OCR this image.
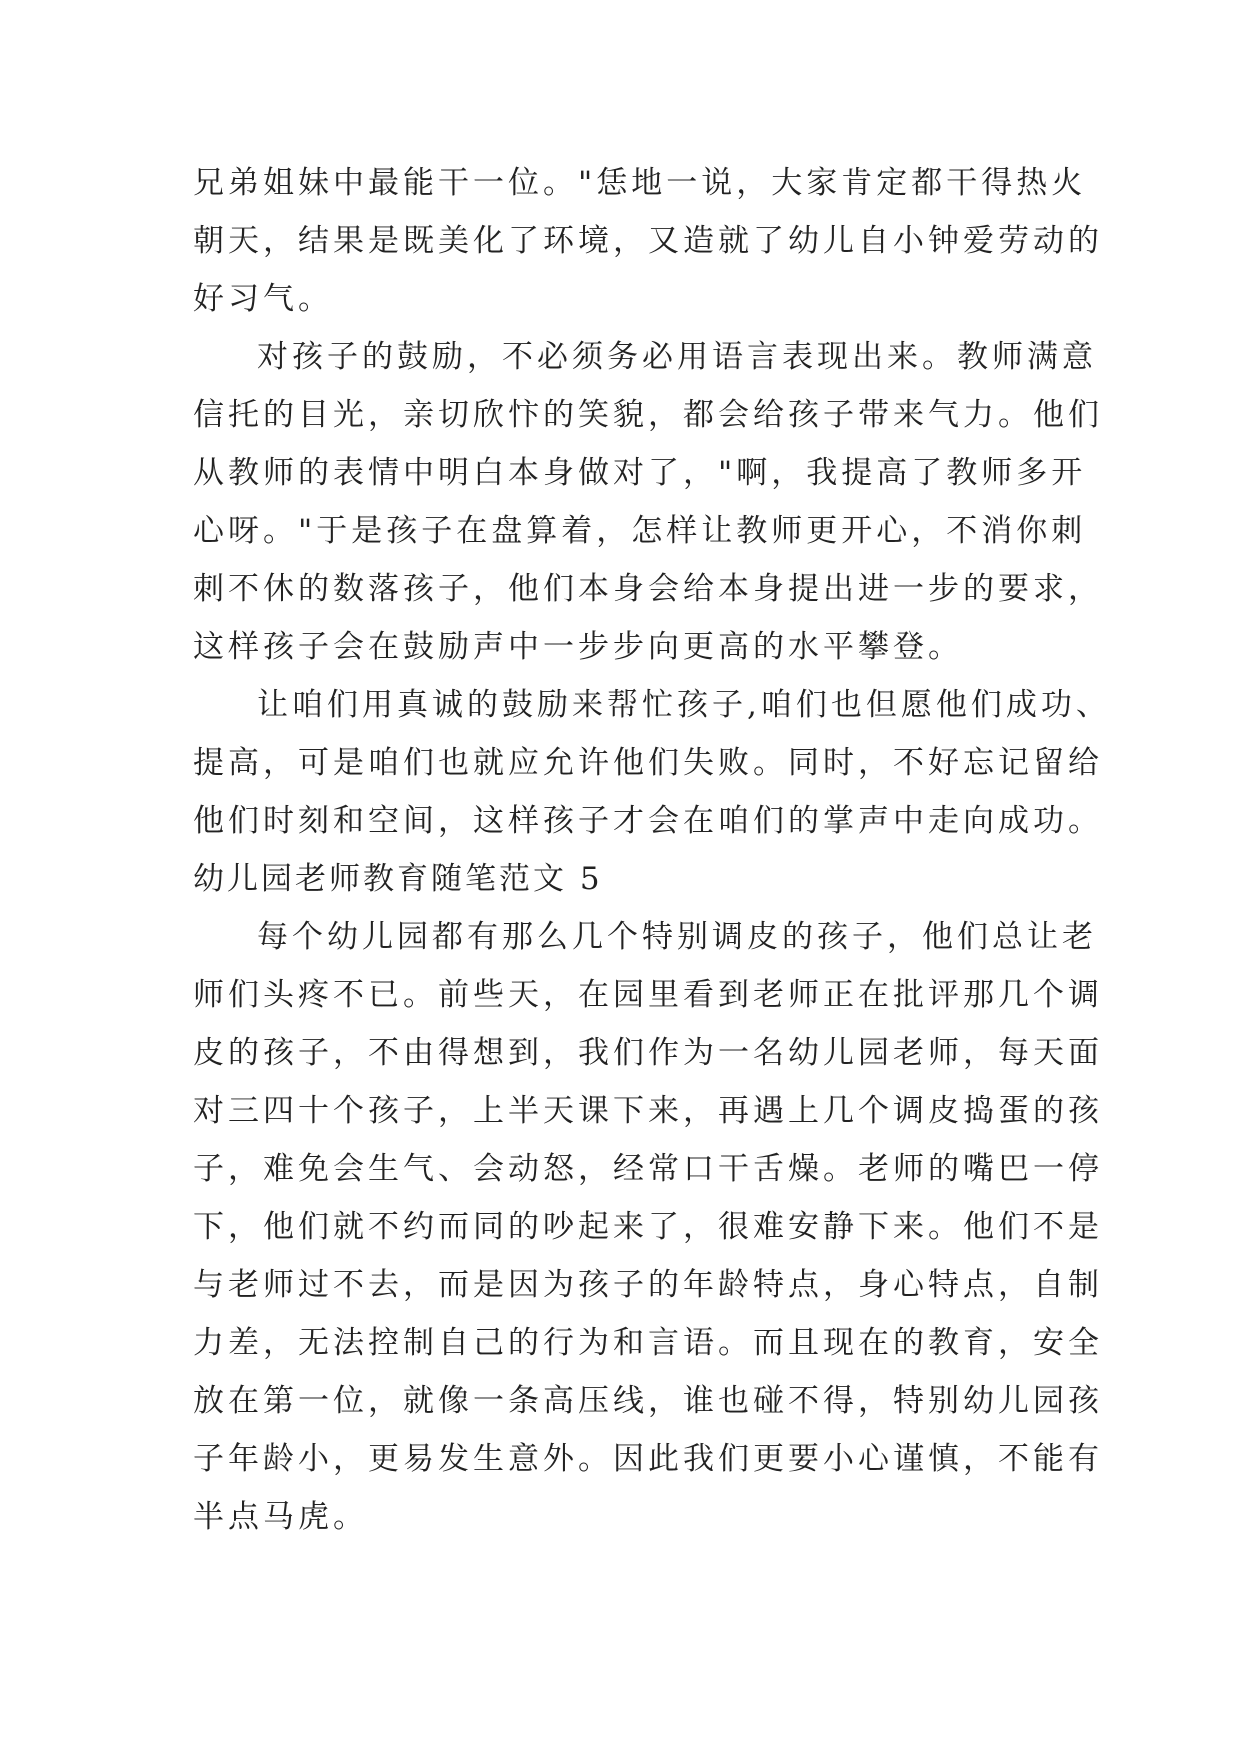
兄弟姐妹中最能干一位。"恁地一说，大家肯定都干得热火
朝天，结果是既美化了环境，又造就了幼儿自小钟爱劳动的
好习气。
对孩子的鼓励，不必须务必用语言表现出来。教师满意
信托的目光，亲切欣忭的笑貌，都会给孩子带来气力。他们
从教师的表情中明白本身做对了，"啊，我提高了教师多开
心呀。"于是孩子在盘算着，怎样让教师更开心，不消你刺
刺不休的数落孩子，他们本身会给本身提出进一步的要求，
这样孩子会在鼓励声中一步步向更高的水平攀登。
让咱们用真诚的鼓励来帮忙孩子,咱们也但愿他们成功、
提高，可是咱们也就应允许他们失败。同时，不好忘记留给
他们时刻和空间，这样孩子才会在咱们的掌声中走向成功。
幼儿园老师教育随笔范文 5
每个幼儿园都有那么几个特别调皮的孩子，他们总让老
师们头疼不已。前些天，在园里看到老师正在批评那几个调
皮的孩子，不由得想到，我们作为一名幼儿园老师，每天面
对三四十个孩子，上半天课下来，再遇上几个调皮捣蛋的孩
子，难免会生气、会动怒，经常口干舌燥。老师的嘴巴一停
下，他们就不约而同的吵起来了，很难安静下来。他们不是
与老师过不去，而是因为孩子的年龄特点，身心特点，自制
力差，无法控制自己的行为和言语。而且现在的教育，安全
放在第一位，就像一条高压线，谁也碰不得，特别幼儿园孩
子年龄小，更易发生意外。因此我们更要小心谨慎，不能有
半点马虎。
